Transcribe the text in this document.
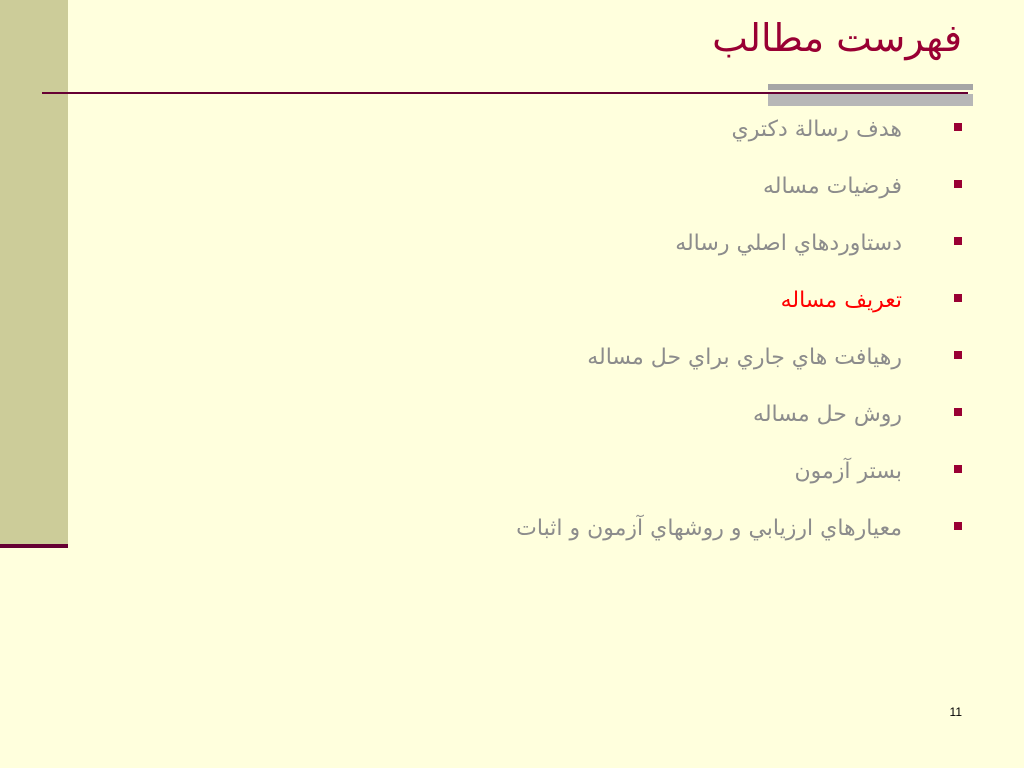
فهرست مطالب
هدف رسالة دكتري
فرضيات مساله
دستاوردهاي اصلي رساله
تعريف مساله
رهيافت هاي جاري براي حل مساله
روش حل مساله
بستر آزمون
معيارهاي ارزيابي و روشهاي آزمون و اثبات
11
